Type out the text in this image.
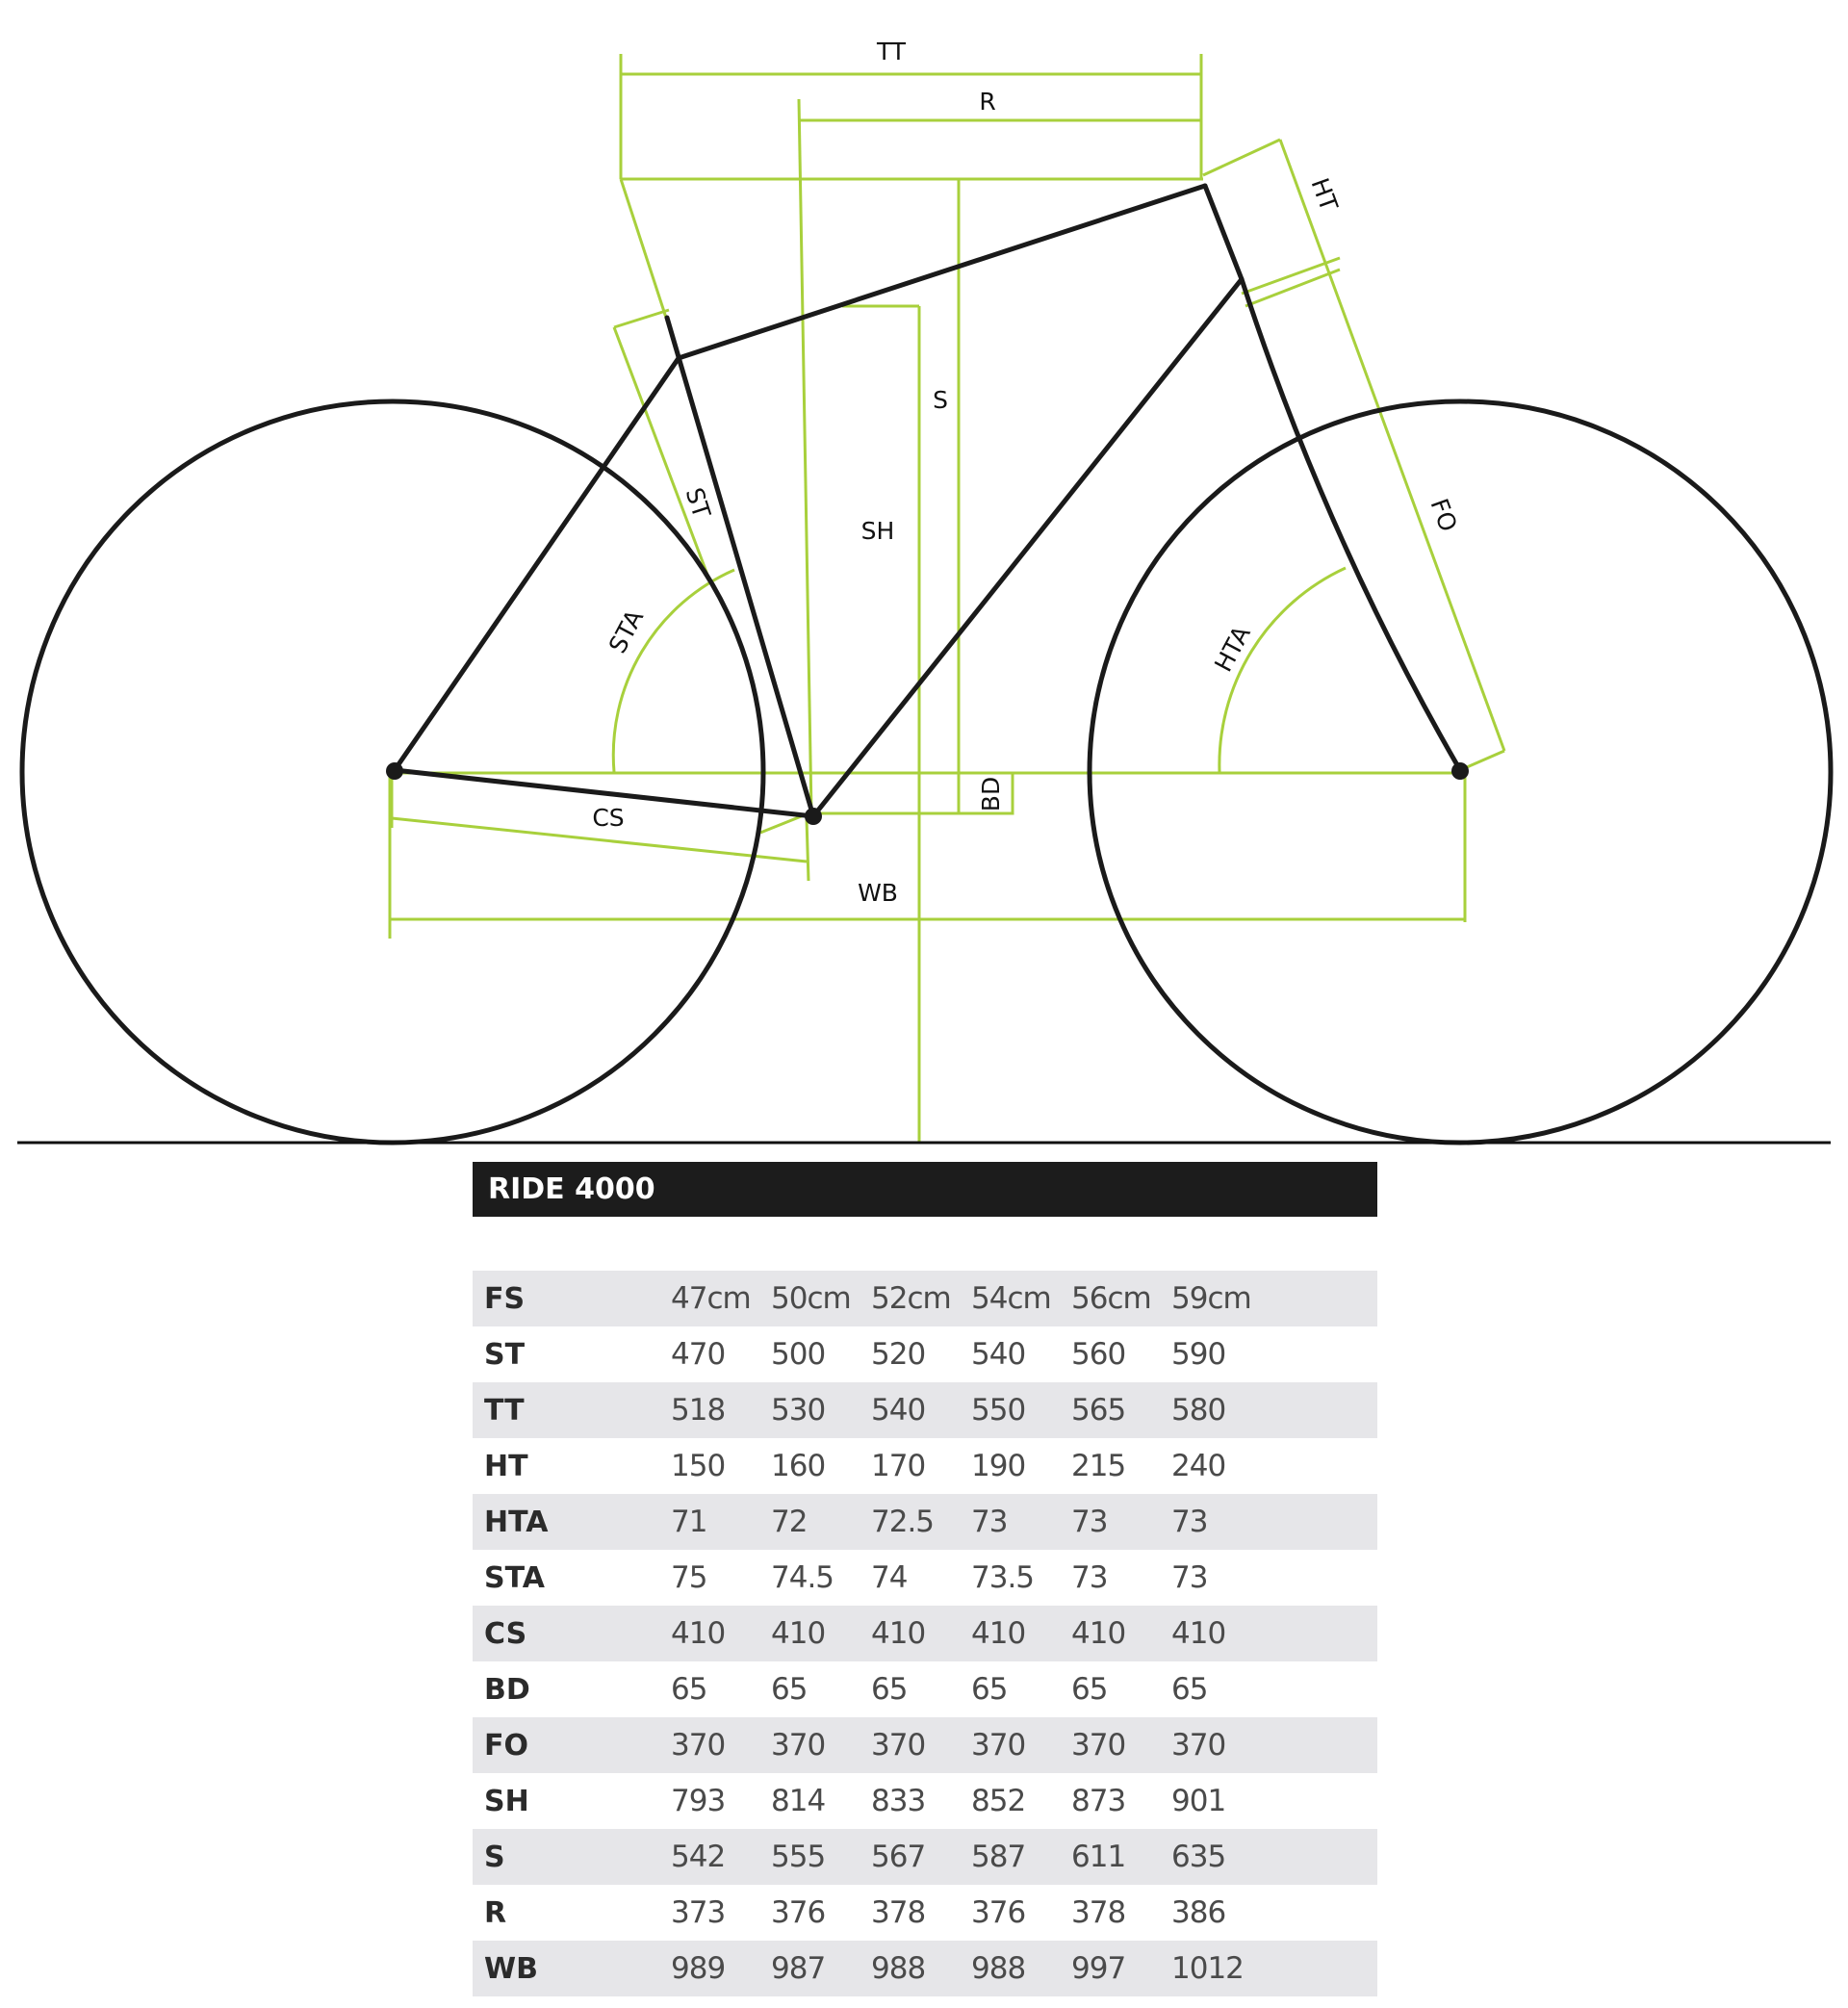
TT
R
HT
S
SH
ST
STA	HTA
FO
BD
CS
WB
RIDE 4000
FS	47cm 50cm 52cm 54cm 56cm 59cm
ST	470	500	520	540	560	590
TT	518	530	540	550	565	580
HT	150	160	170	190	215	240
HTA	71	72	72.5	73	73	73
STA	75	74.5	74	73.5	73	73
CS	410	410	410	410	410	410
BD	65	65	65	65	65	65
FO	370	370	370	370	370	370
SH	793	814	833	852	873	901
S	542	555	567	587	611	635
R	373	376	378	376	378	386
WB	989	987	988	988	997	1012
